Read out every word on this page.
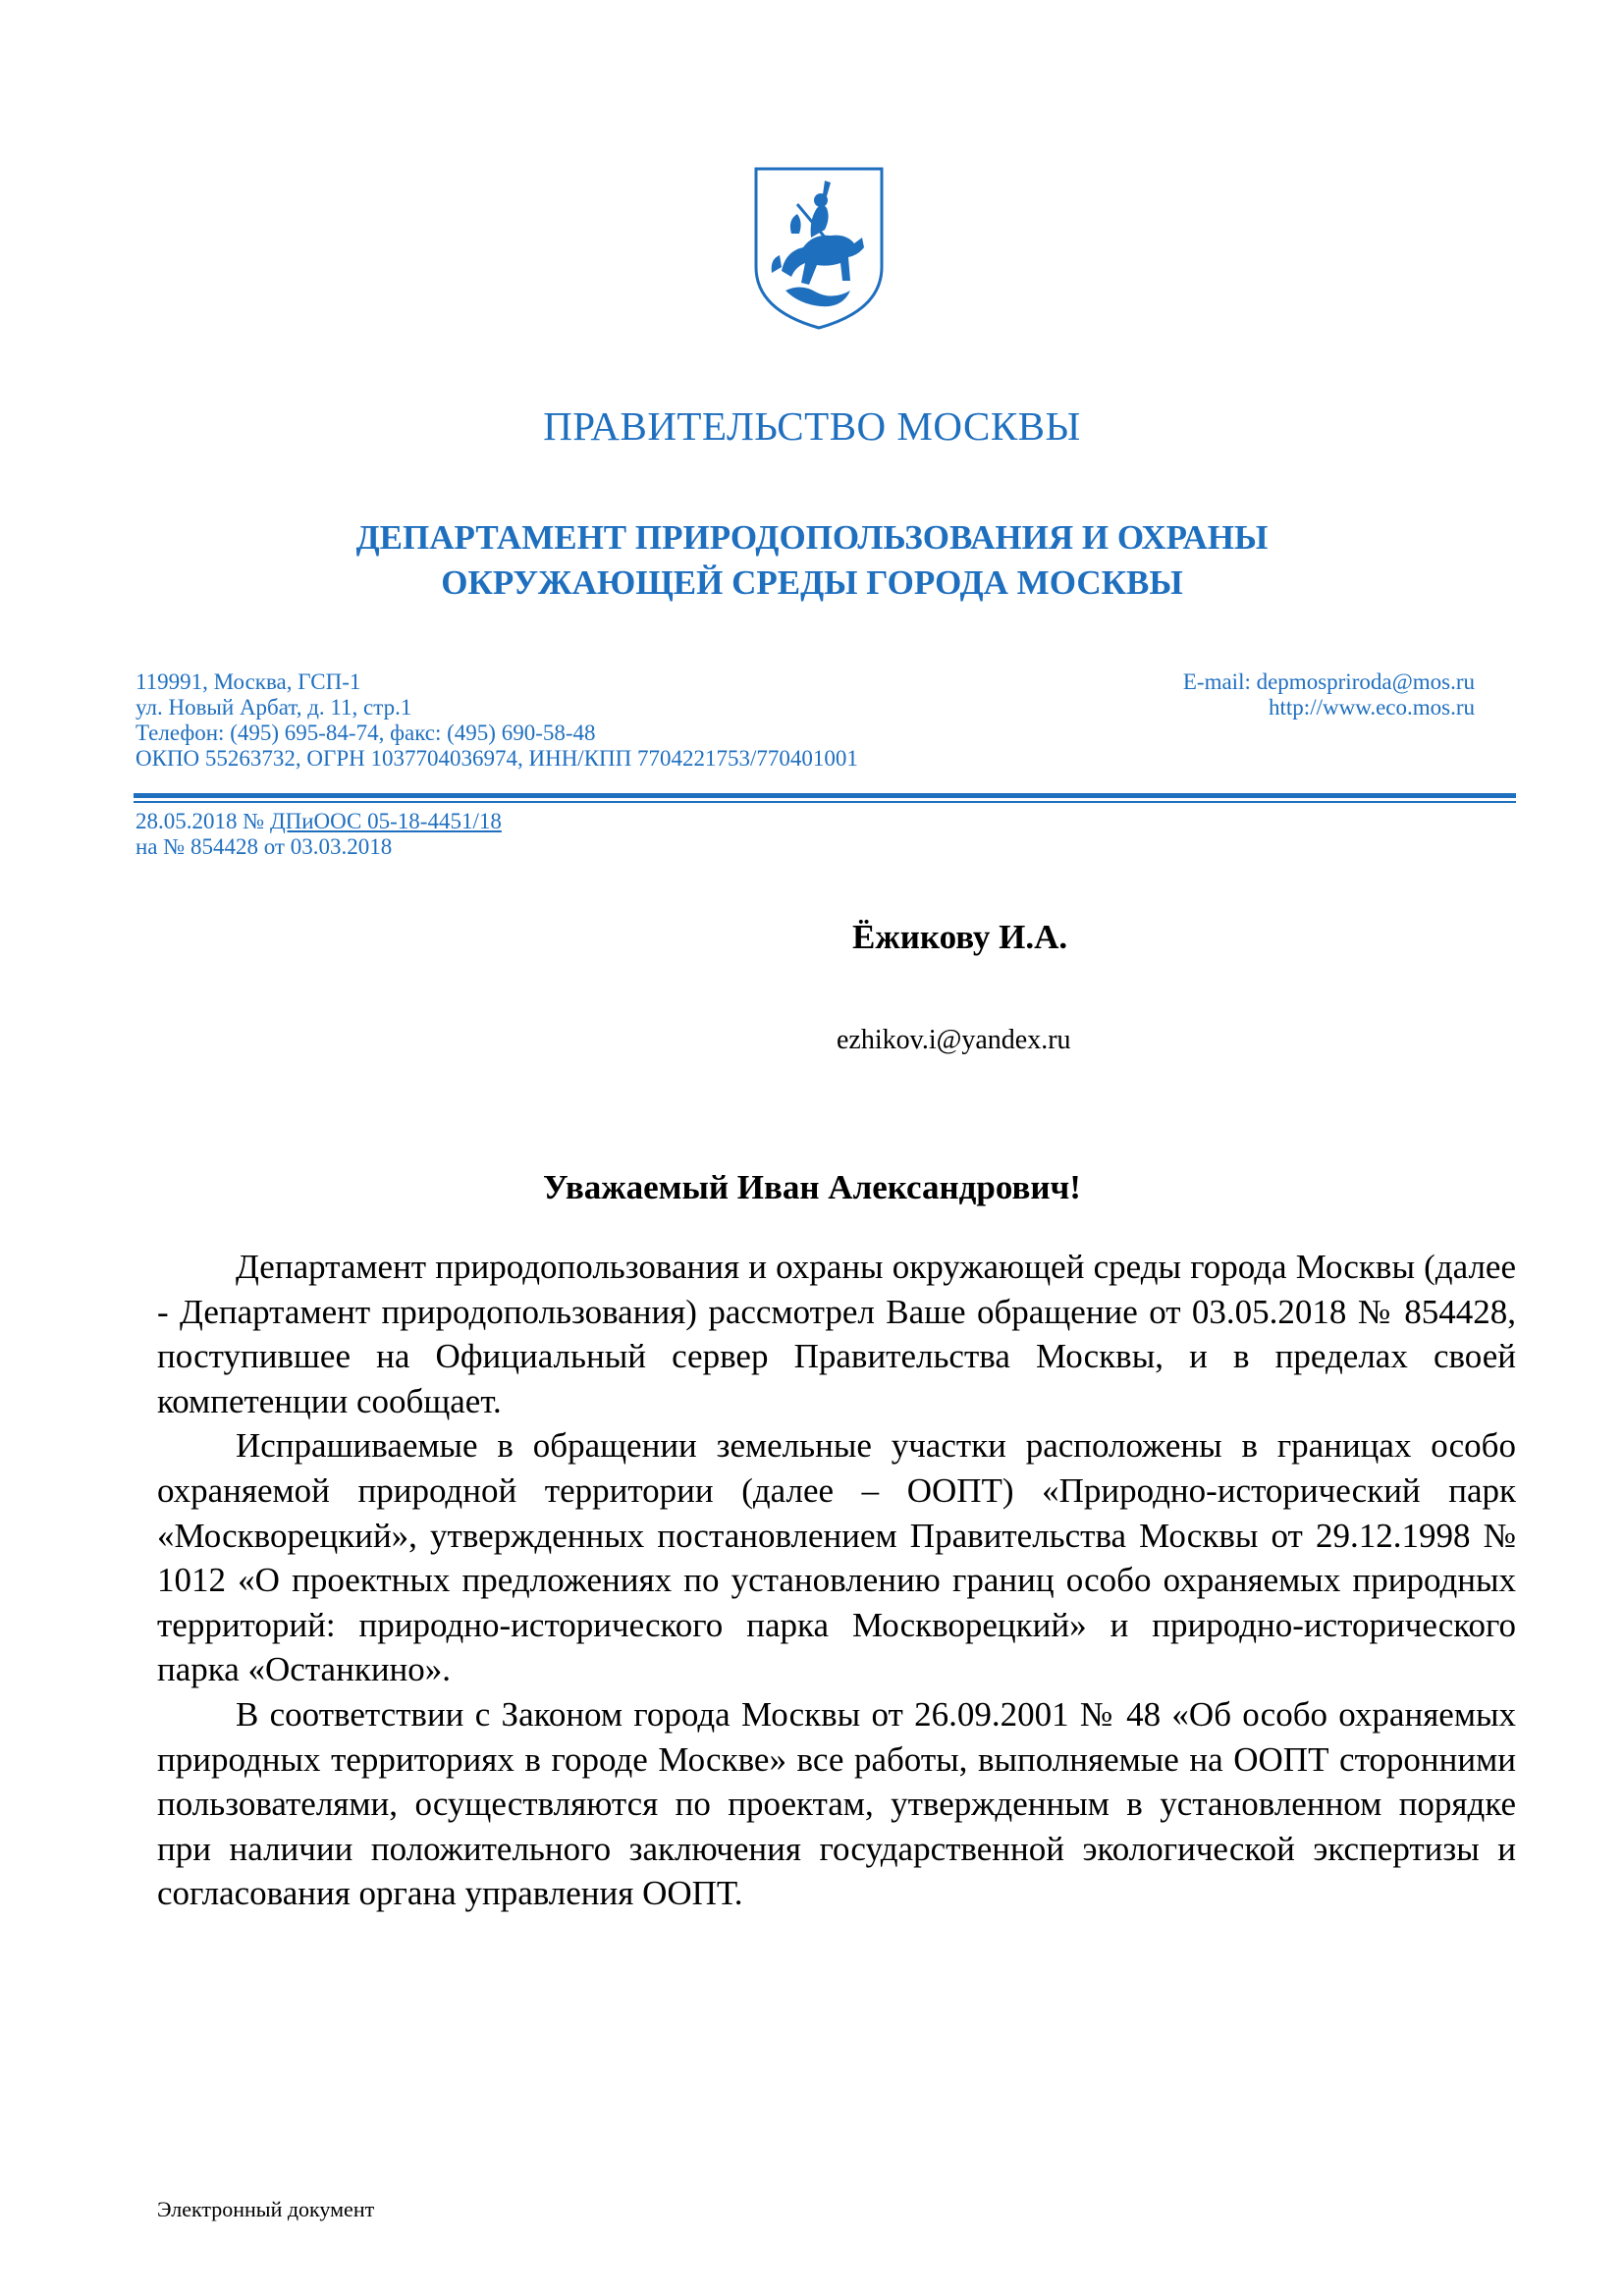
ПРАВИТЕЛЬСТВО МОСКВЫ
ДЕПАРТАМЕНТ ПРИРОДОПОЛЬЗОВАНИЯ И ОХРАНЫ
ОКРУЖАЮЩЕЙ СРЕДЫ ГОРОДА МОСКВЫ
119991, Москва, ГСП-1
ул. Новый Арбат, д. 11, стр.1
Телефон: (495) 695-84-74, факс: (495) 690-58-48
ОКПО 55263732, ОГРН 1037704036974, ИНН/КПП 7704221753/770401001
E-mail: depmospriroda@mos.ru
http://www.eco.mos.ru
28.05.2018 № ДПиООС 05-18-4451/18
на № 854428 от 03.03.2018
Ёжикову И.А.
ezhikov.i@yandex.ru
Уважаемый Иван Александрович!

Департамент природопользования и охраны окружающей среды города Москвы (далее - Департамент природопользования) рассмотрел Ваше обращение от 03.05.2018 № 854428, поступившее на Официальный сервер Правительства Москвы, и в пределах своей компетенции сообщает.

Испрашиваемые в обращении земельные участки расположены в границах особо охраняемой природной территории (далее – ООПТ) «Природно-исторический парк «Москворецкий», утвержденных постановлением Правительства Москвы от 29.12.1998 № 1012 «О проектных предложениях по установлению границ особо охраняемых природных территорий: природно-исторического парка Москворецкий» и природно-исторического парка «Останкино».

В соответствии с Законом города Москвы от 26.09.2001 № 48 «Об особо охраняемых природных территориях в городе Москве» все работы, выполняемые на ООПТ сторонними пользователями, осуществляются по проектам, утвержденным в установленном порядке при наличии положительного заключения государственной экологической экспертизы и согласования органа управления ООПТ.

Электронный документ
